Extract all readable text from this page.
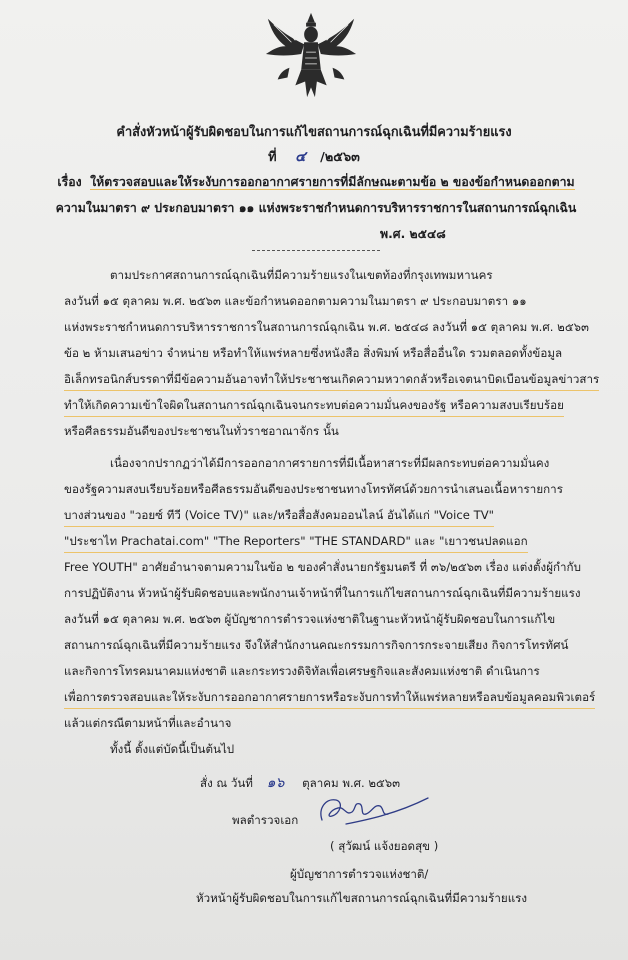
คำสั่งหัวหน้าผู้รับผิดชอบในการแก้ไขสถานการณ์ฉุกเฉินที่มีความร้ายแรง
ที่ ๔ /๒๕๖๓
เรื่อง ให้ตรวจสอบและให้ระงับการออกอากาศรายการที่มีลักษณะตามข้อ ๒ ของข้อกำหนดออกตาม
ความในมาตรา ๙ ประกอบมาตรา ๑๑ แห่งพระราชกำหนดการบริหารราชการในสถานการณ์ฉุกเฉิน
พ.ศ. ๒๕๔๘
ตามประกาศสถานการณ์ฉุกเฉินที่มีความร้ายแรงในเขตท้องที่กรุงเทพมหานคร
ลงวันที่ ๑๕ ตุลาคม พ.ศ. ๒๕๖๓ และข้อกำหนดออกตามความในมาตรา ๙ ประกอบมาตรา ๑๑
แห่งพระราชกำหนดการบริหารราชการในสถานการณ์ฉุกเฉิน พ.ศ. ๒๕๔๘ ลงวันที่ ๑๕ ตุลาคม พ.ศ. ๒๕๖๓
ข้อ ๒ ห้ามเสนอข่าว จำหน่าย หรือทำให้แพร่หลายซึ่งหนังสือ สิ่งพิมพ์ หรือสื่ออื่นใด รวมตลอดทั้งข้อมูล
อิเล็กทรอนิกส์บรรดาที่มีข้อความอันอาจทำให้ประชาชนเกิดความหวาดกลัวหรือเจตนาบิดเบือนข้อมูลข่าวสาร
ทำให้เกิดความเข้าใจผิดในสถานการณ์ฉุกเฉินจนกระทบต่อความมั่นคงของรัฐ หรือความสงบเรียบร้อย
หรือศีลธรรมอันดีของประชาชนในทั่วราชอาณาจักร นั้น
เนื่องจากปรากฏว่าได้มีการออกอากาศรายการที่มีเนื้อหาสาระที่มีผลกระทบต่อความมั่นคง
ของรัฐความสงบเรียบร้อยหรือศีลธรรมอันดีของประชาชนทางโทรทัศน์ด้วยการนำเสนอเนื้อหารายการ
บางส่วนของ "วอยซ์ ทีวี (Voice TV)" และ/หรือสื่อสังคมออนไลน์ อันได้แก่ "Voice TV"
"ประชาไท Prachatai.com" "The Reporters" "THE STANDARD" และ "เยาวชนปลดแอก
Free YOUTH" อาศัยอำนาจตามความในข้อ ๒ ของคำสั่งนายกรัฐมนตรี ที่ ๓๖/๒๕๖๓ เรื่อง แต่งตั้งผู้กำกับ
การปฏิบัติงาน หัวหน้าผู้รับผิดชอบและพนักงานเจ้าหน้าที่ในการแก้ไขสถานการณ์ฉุกเฉินที่มีความร้ายแรง
ลงวันที่ ๑๕ ตุลาคม พ.ศ. ๒๕๖๓ ผู้บัญชาการตำรวจแห่งชาติในฐานะหัวหน้าผู้รับผิดชอบในการแก้ไข
สถานการณ์ฉุกเฉินที่มีความร้ายแรง จึงให้สำนักงานคณะกรรมการกิจการกระจายเสียง กิจการโทรทัศน์
และกิจการโทรคมนาคมแห่งชาติ และกระทรวงดิจิทัลเพื่อเศรษฐกิจและสังคมแห่งชาติ ดำเนินการ
เพื่อการตรวจสอบและให้ระงับการออกอากาศรายการหรือระงับการทำให้แพร่หลายหรือลบข้อมูลคอมพิวเตอร์
แล้วแต่กรณีตามหน้าที่และอำนาจ
ทั้งนี้ ตั้งแต่บัดนี้เป็นต้นไป
สั่ง ณ วันที่ ๑๖ ตุลาคม พ.ศ. ๒๕๖๓
พลตำรวจเอก
( สุวัฒน์ แจ้งยอดสุข )
ผู้บัญชาการตำรวจแห่งชาติ/
หัวหน้าผู้รับผิดชอบในการแก้ไขสถานการณ์ฉุกเฉินที่มีความร้ายแรง
